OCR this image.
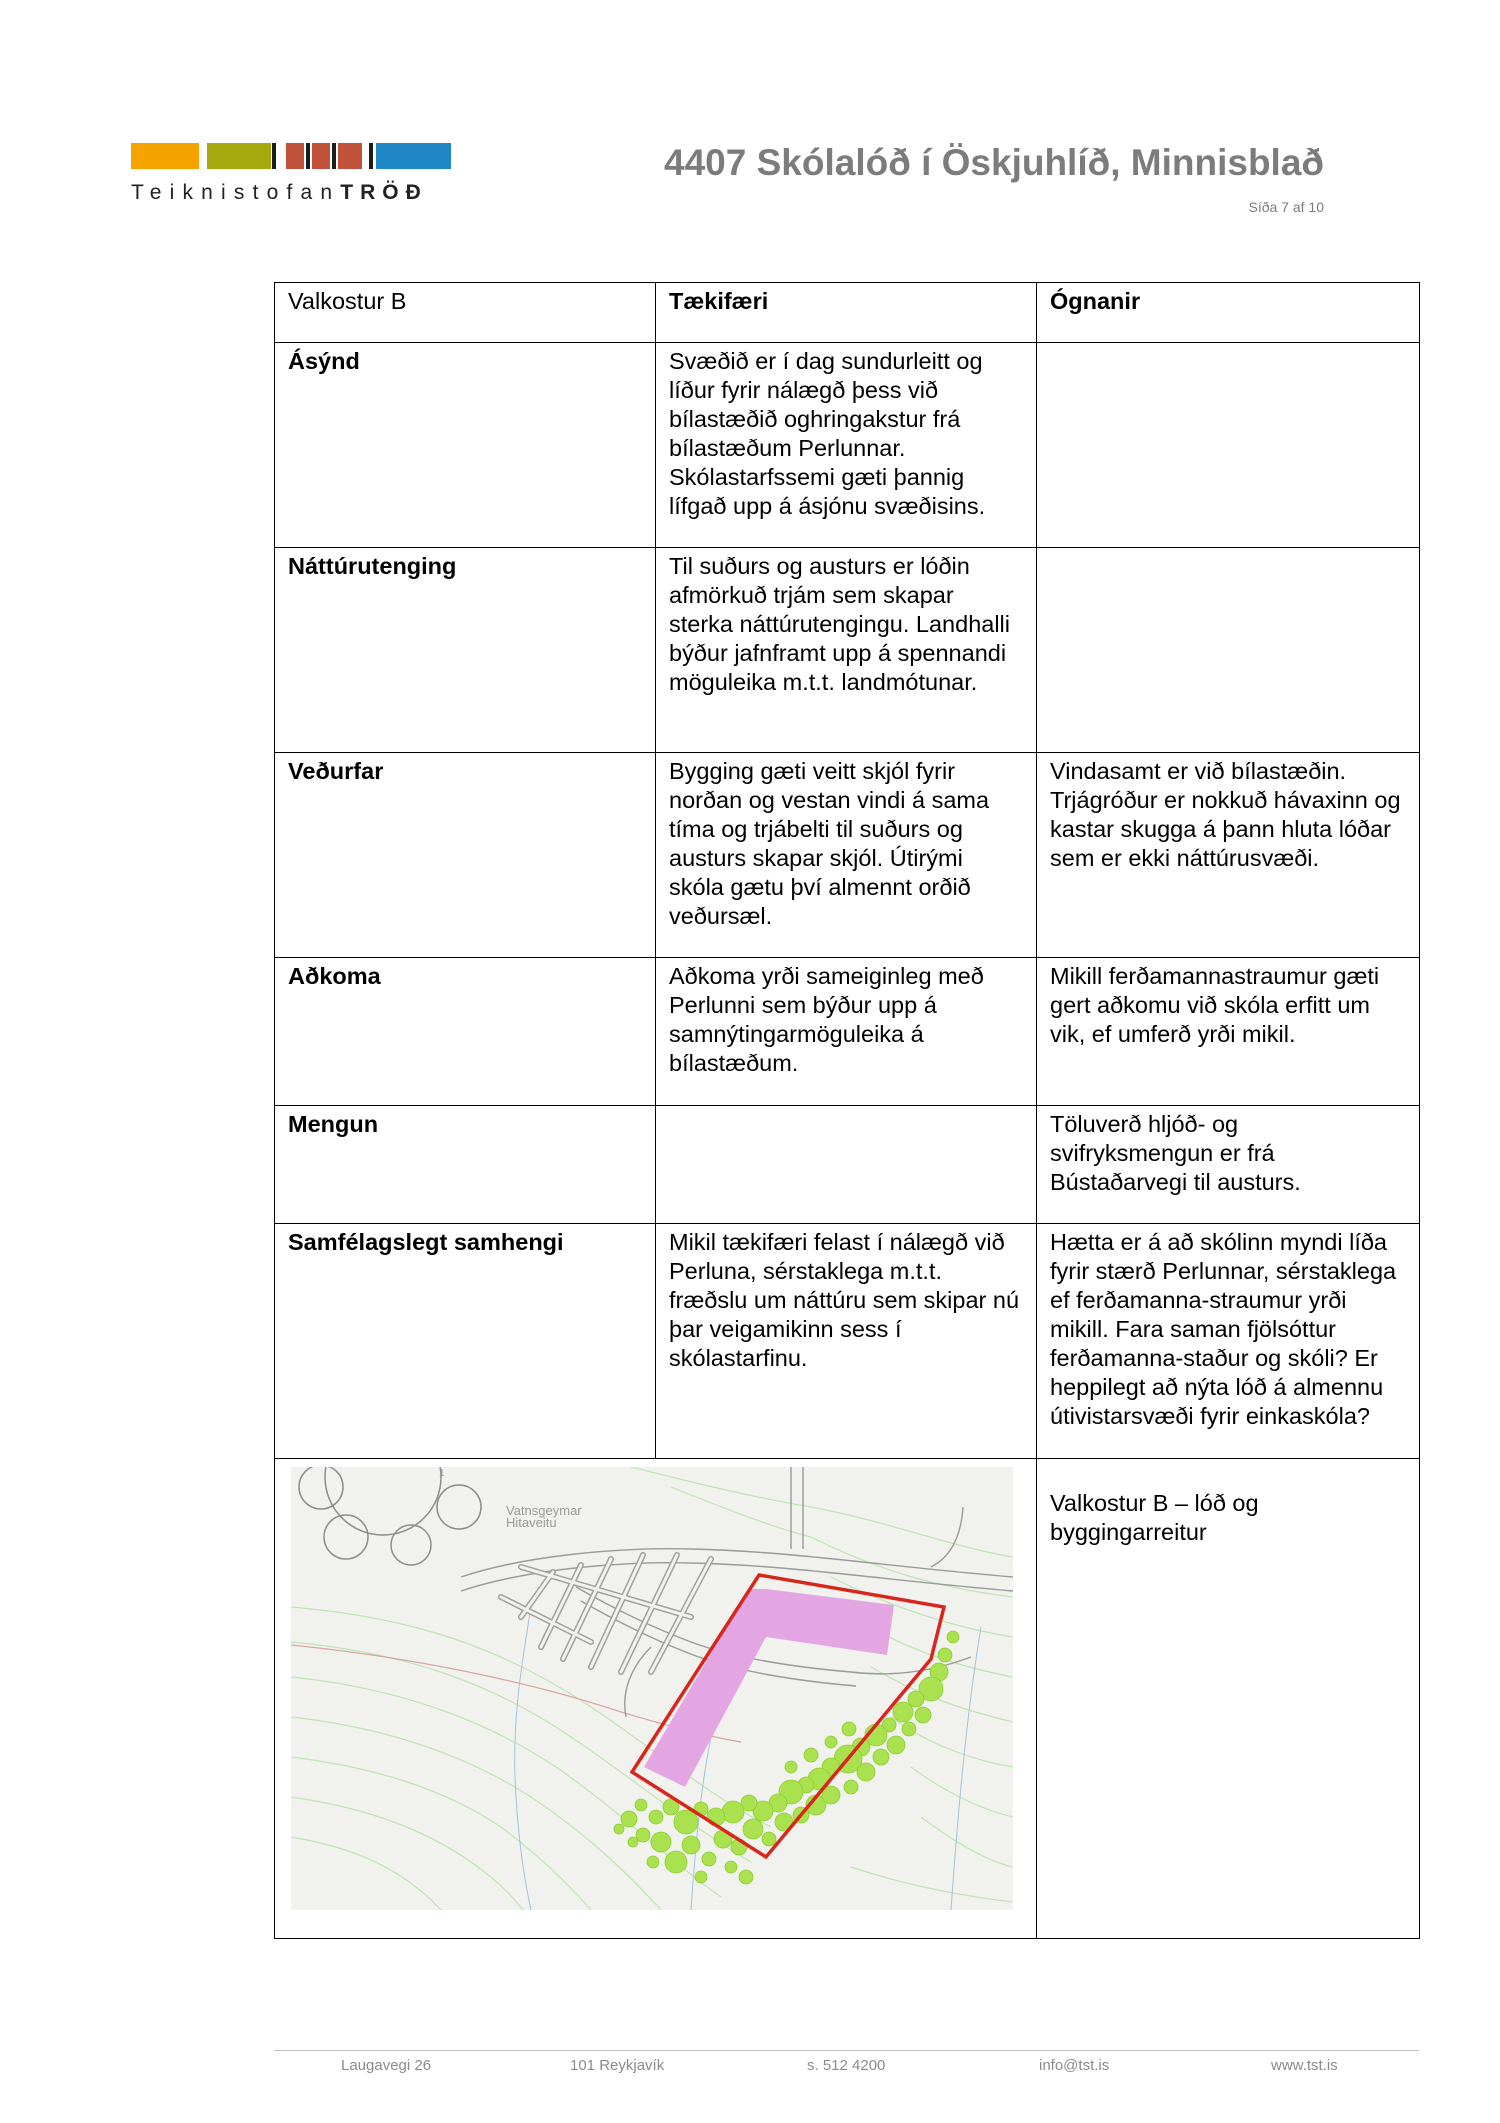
TeiknistofanTRÖÐ
4407 Skólalóð í Öskjuhlíð, Minnisblað
Síða 7 af 10
Valkostur B	Tækifæri	Ógnanir
Ásýnd	Svæðið er í dag sundurleitt og líður fyrir nálægð þess við bílastæðið oghringakstur frá bílastæðum Perlunnar. Skólastarfssemi gæti þannig lífgað upp á ásjónu svæðisins.	
Náttúrutenging	Til suðurs og austurs er lóðin afmörkuð trjám sem skapar sterka náttúrutengingu. Landhalli býður jafnframt upp á spennandi möguleika m.t.t. landmótunar.	
Veðurfar	Bygging gæti veitt skjól fyrir norðan og vestan vindi á sama tíma og trjábelti til suðurs og austurs skapar skjól. Útirými skóla gætu því almennt orðið veðursæl.	Vindasamt er við bílastæðin. Trjágróður er nokkuð hávaxinn og kastar skugga á þann hluta lóðar sem er ekki náttúrusvæði.
Aðkoma	Aðkoma yrði sameiginleg með Perlunni sem býður upp á samnýtingarmöguleika á bílastæðum.	Mikill ferðamannastraumur gæti gert aðkomu við skóla erfitt um vik, ef umferð yrði mikil.
Mengun		Töluverð hljóð- og svifryksmengun er frá Bústaðarvegi til austurs.
Samfélagslegt samhengi	Mikil tækifæri felast í nálægð við Perluna, sérstaklega m.t.t. fræðslu um náttúru sem skipar nú þar veigamikinn sess í skólastarfinu.	Hætta er á að skólinn myndi líða fyrir stærð Perlunnar, sérstaklega ef ferðamanna-straumur yrði mikill. Fara saman fjölsóttur ferðamanna-staður og skóli? Er heppilegt að nýta lóð á almennu útivistarsvæði fyrir einkaskóla?

Vatnsgeymar
Hitaveitu
1		Valkostur B – lóð og byggingarreitur
Laugavegi 26	101 Reykjavík	s. 512 4200	info@tst.is	www.tst.is
